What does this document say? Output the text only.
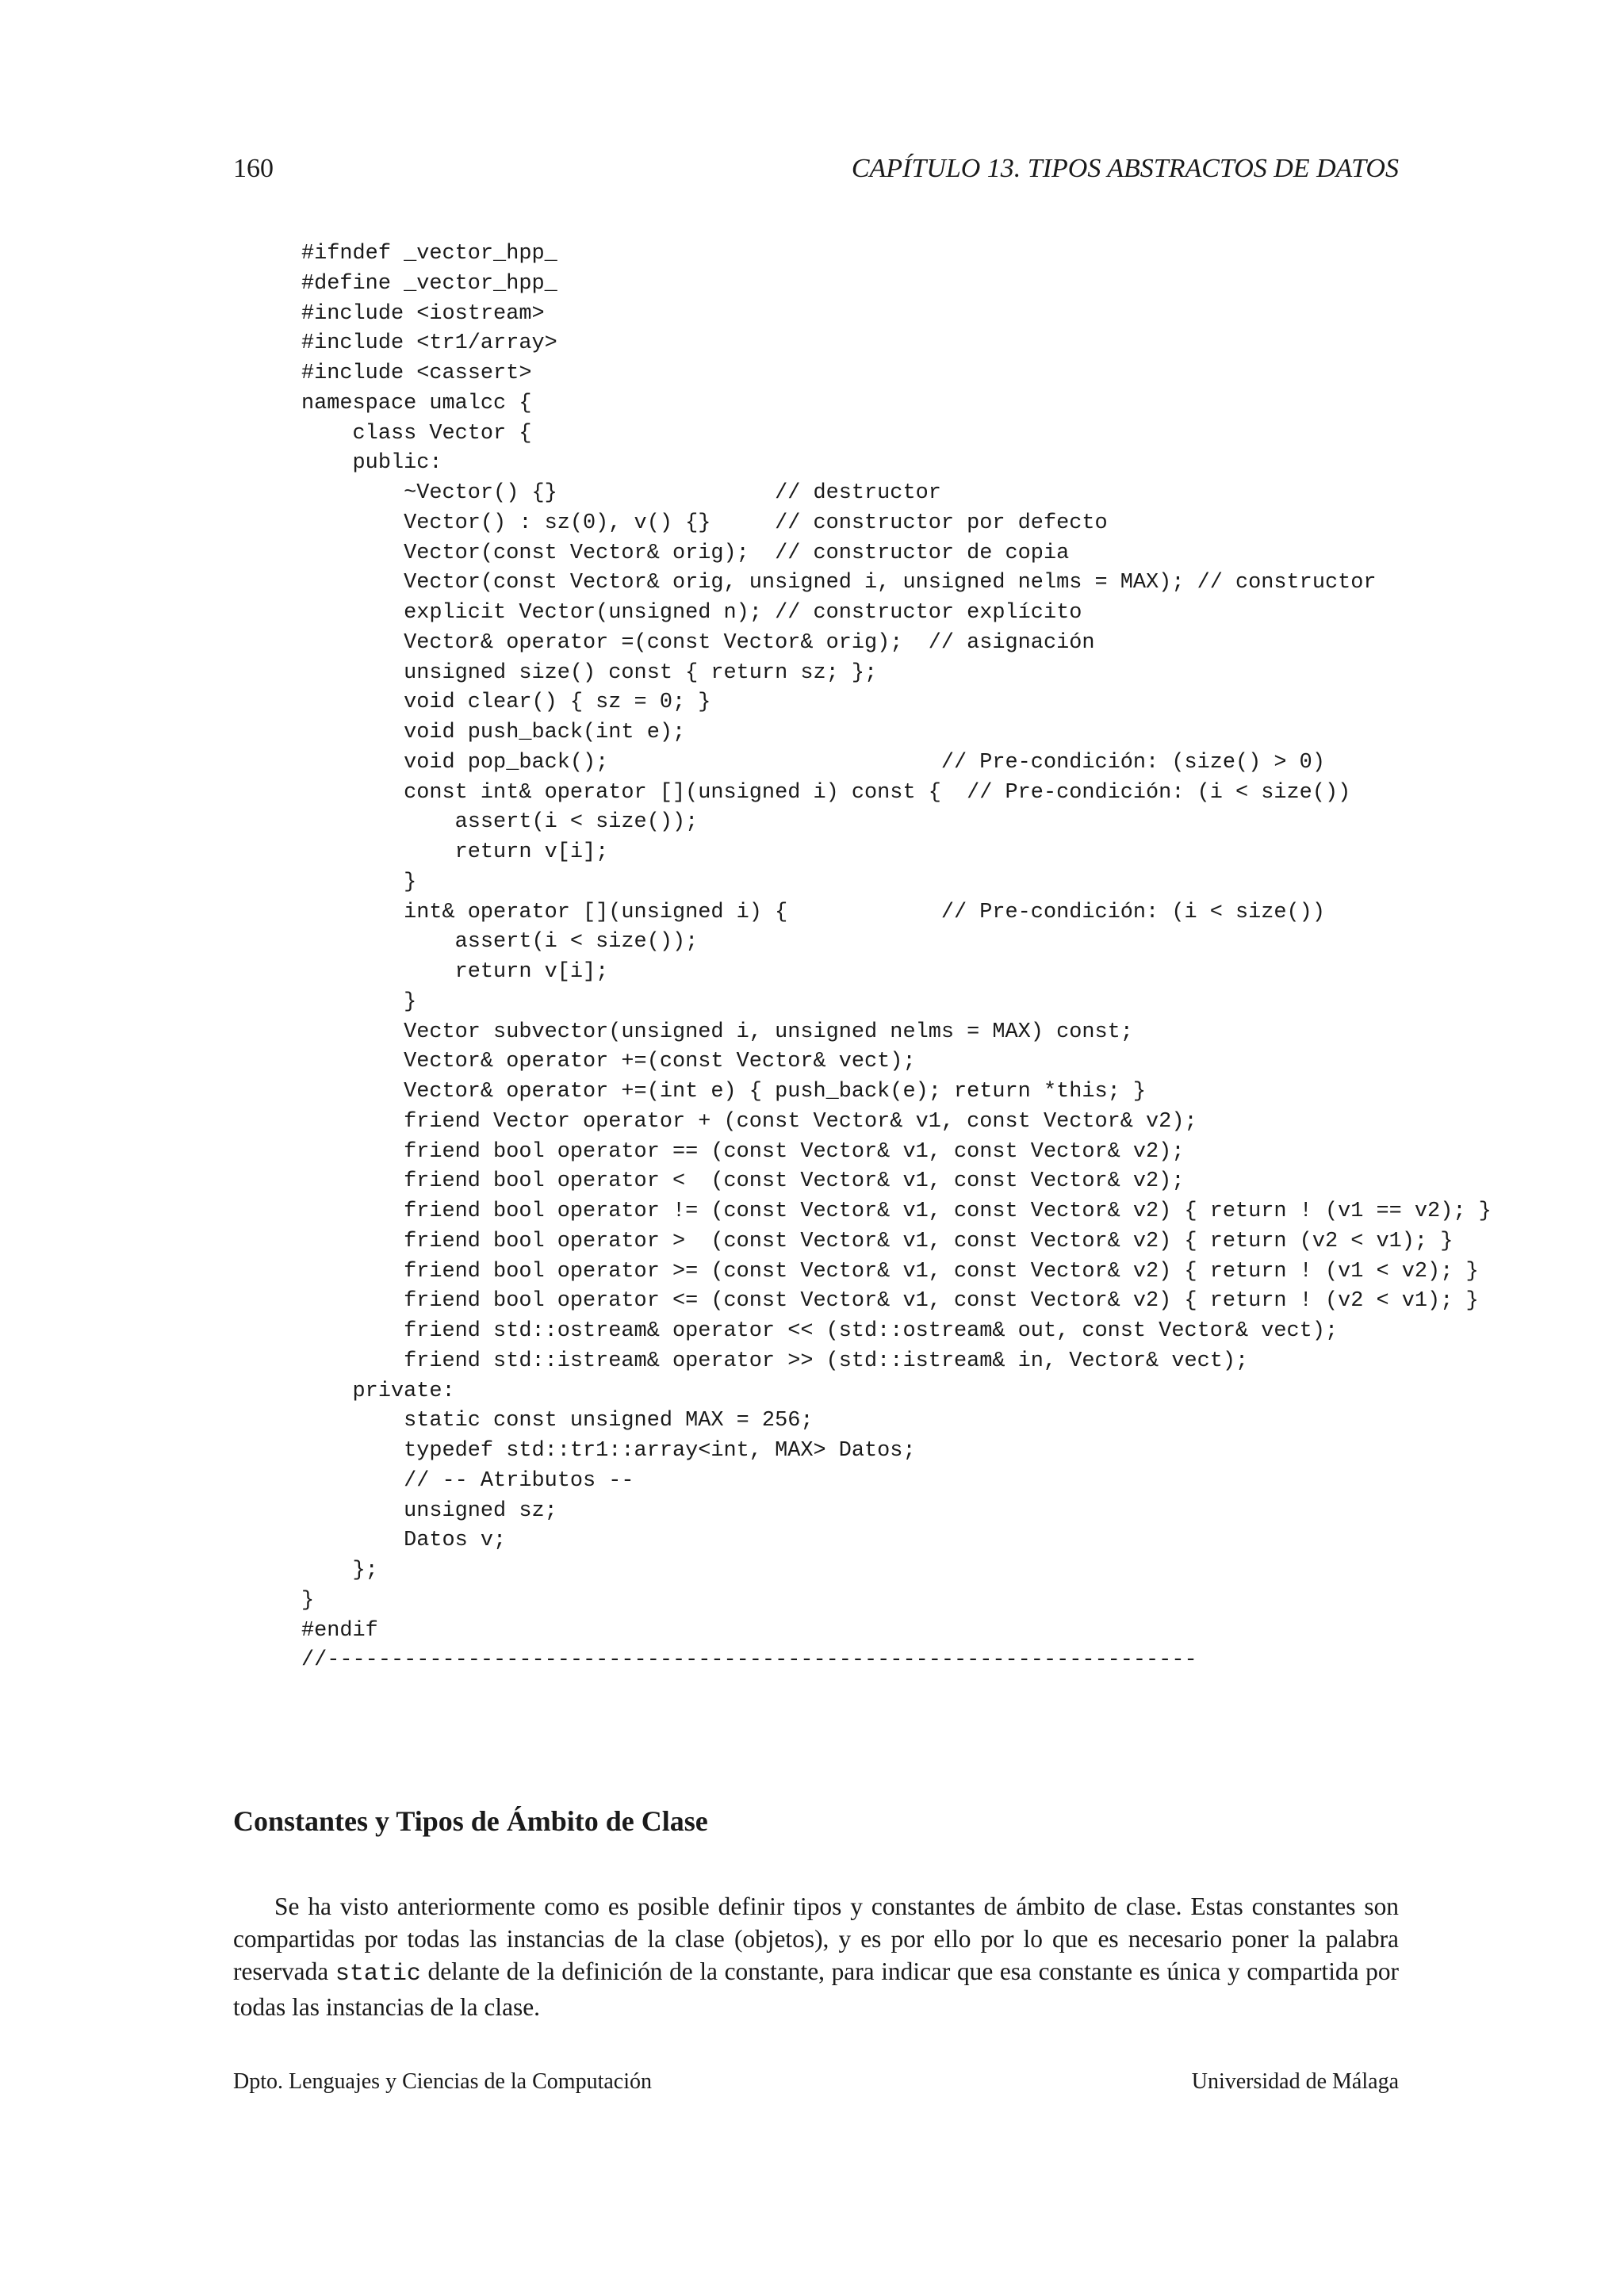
160	CAPÍTULO 13. TIPOS ABSTRACTOS DE DATOS
#ifndef _vector_hpp_
#define _vector_hpp_
#include <iostream>
#include <tr1/array>
#include <cassert>
namespace umalcc {
class Vector {
public:
~Vector() {}                 // destructor
Vector() : sz(0), v() {}     // constructor por defecto
Vector(const Vector& orig);  // constructor de copia
Vector(const Vector& orig, unsigned i, unsigned nelms = MAX); // constructor
explicit Vector(unsigned n); // constructor explícito
Vector& operator =(const Vector& orig);  // asignación
unsigned size() const { return sz; };
void clear() { sz = 0; }
void push_back(int e);
void pop_back();                          // Pre-condición: (size() > 0)
const int& operator [](unsigned i) const {  // Pre-condición: (i < size())
assert(i < size());
return v[i];
}
int& operator [](unsigned i) {            // Pre-condición: (i < size())
assert(i < size());
return v[i];
}
Vector subvector(unsigned i, unsigned nelms = MAX) const;
Vector& operator +=(const Vector& vect);
Vector& operator +=(int e) { push_back(e); return *this; }
friend Vector operator + (const Vector& v1, const Vector& v2);
friend bool operator == (const Vector& v1, const Vector& v2);
friend bool operator <  (const Vector& v1, const Vector& v2);
friend bool operator != (const Vector& v1, const Vector& v2) { return ! (v1 == v2); }
friend bool operator >  (const Vector& v1, const Vector& v2) { return (v2 < v1); }
friend bool operator >= (const Vector& v1, const Vector& v2) { return ! (v1 < v2); }
friend bool operator <= (const Vector& v1, const Vector& v2) { return ! (v2 < v1); }
friend std::ostream& operator << (std::ostream& out, const Vector& vect);
friend std::istream& operator >> (std::istream& in, Vector& vect);
private:
static const unsigned MAX = 256;
typedef std::tr1::array<int, MAX> Datos;
// -- Atributos --
unsigned sz;
Datos v;
};
}
#endif
//--------------------------------------------------------------------
Constantes y Tipos de Ámbito de Clase

Se ha visto anteriormente como es posible definir tipos y constantes de ámbito de clase. Estas constantes son compartidas por todas las instancias de la clase (objetos), y es por ello por lo que es necesario poner la palabra reservada static delante de la definición de la constante, para indicar que esa constante es única y compartida por todas las instancias de la clase.

Dpto. Lenguajes y Ciencias de la Computación	Universidad de Málaga
